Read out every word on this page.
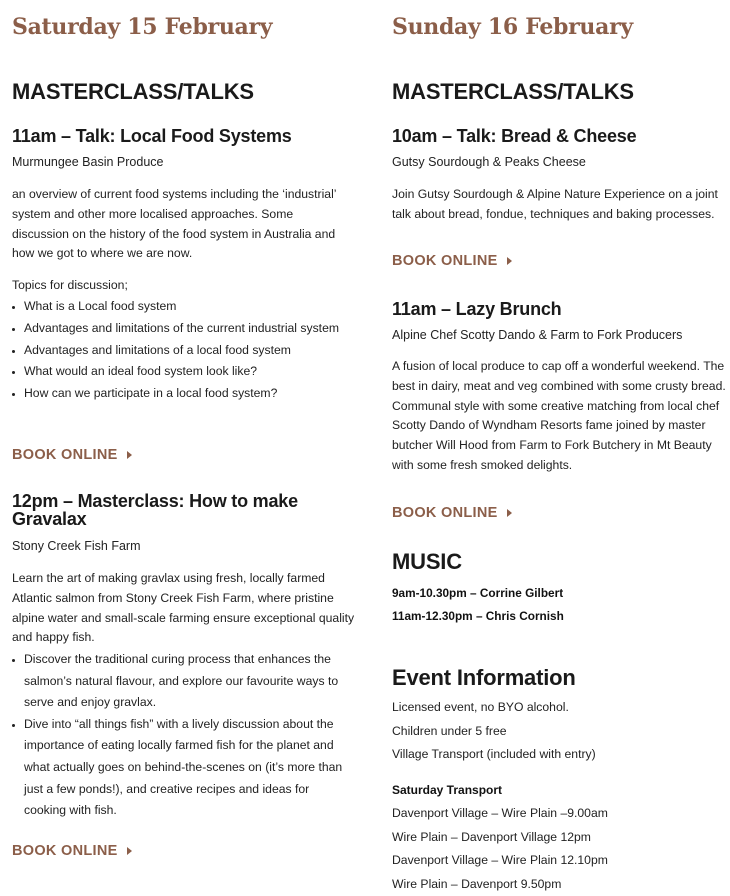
Saturday 15 February
MASTERCLASS/TALKS
11am – Talk: Local Food Systems

Murmungee Basin Produce

an overview of current food systems including the ‘industrial’ system and other more localised approaches. Some discussion on the history of the food system in Australia and how we got to where we are now.

Topics for discussion;

• What is a Local food system
• Advantages and limitations of the current industrial system
• Advantages and limitations of a local food system
• What would an ideal food system look like?
• How can we participate in a local food system?
BOOK ONLINE
12pm – Masterclass: How to make Gravalax

Stony Creek Fish Farm

Learn the art of making gravlax using fresh, locally farmed Atlantic salmon from Stony Creek Fish Farm, where pristine alpine water and small-scale farming ensure exceptional quality and happy fish.

• Discover the traditional curing process that enhances the salmon’s natural flavour, and explore our favourite ways to serve and enjoy gravlax.
• Dive into “all things fish” with a lively discussion about the importance of eating locally farmed fish for the planet and what actually goes on behind-the-scenes on (it’s more than just a few ponds!), and creative recipes and ideas for cooking with fish.
BOOK ONLINE
Sunday 16 February
MASTERCLASS/TALKS
10am – Talk: Bread & Cheese

Gutsy Sourdough & Peaks Cheese

Join Gutsy Sourdough & Alpine Nature Experience on a joint talk about bread, fondue, techniques and baking processes.

BOOK ONLINE
11am – Lazy Brunch

Alpine Chef Scotty Dando & Farm to Fork Producers

A fusion of local produce to cap off a wonderful weekend. The best in dairy, meat and veg combined with some crusty bread. Communal style with some creative matching from local chef Scotty Dando of Wyndham Resorts fame joined by master butcher Will Hood from Farm to Fork Butchery in Mt Beauty with some fresh smoked delights.

BOOK ONLINE
MUSIC

9am-10.30pm – Corrine Gilbert

11am-12.30pm – Chris Cornish

Event Information

Licensed event, no BYO alcohol.

Children under 5 free

Village Transport (included with entry)

Saturday Transport

Davenport Village – Wire Plain –9.00am

Wire Plain – Davenport Village 12pm

Davenport Village – Wire Plain 12.10pm

Wire Plain – Davenport 9.50pm
